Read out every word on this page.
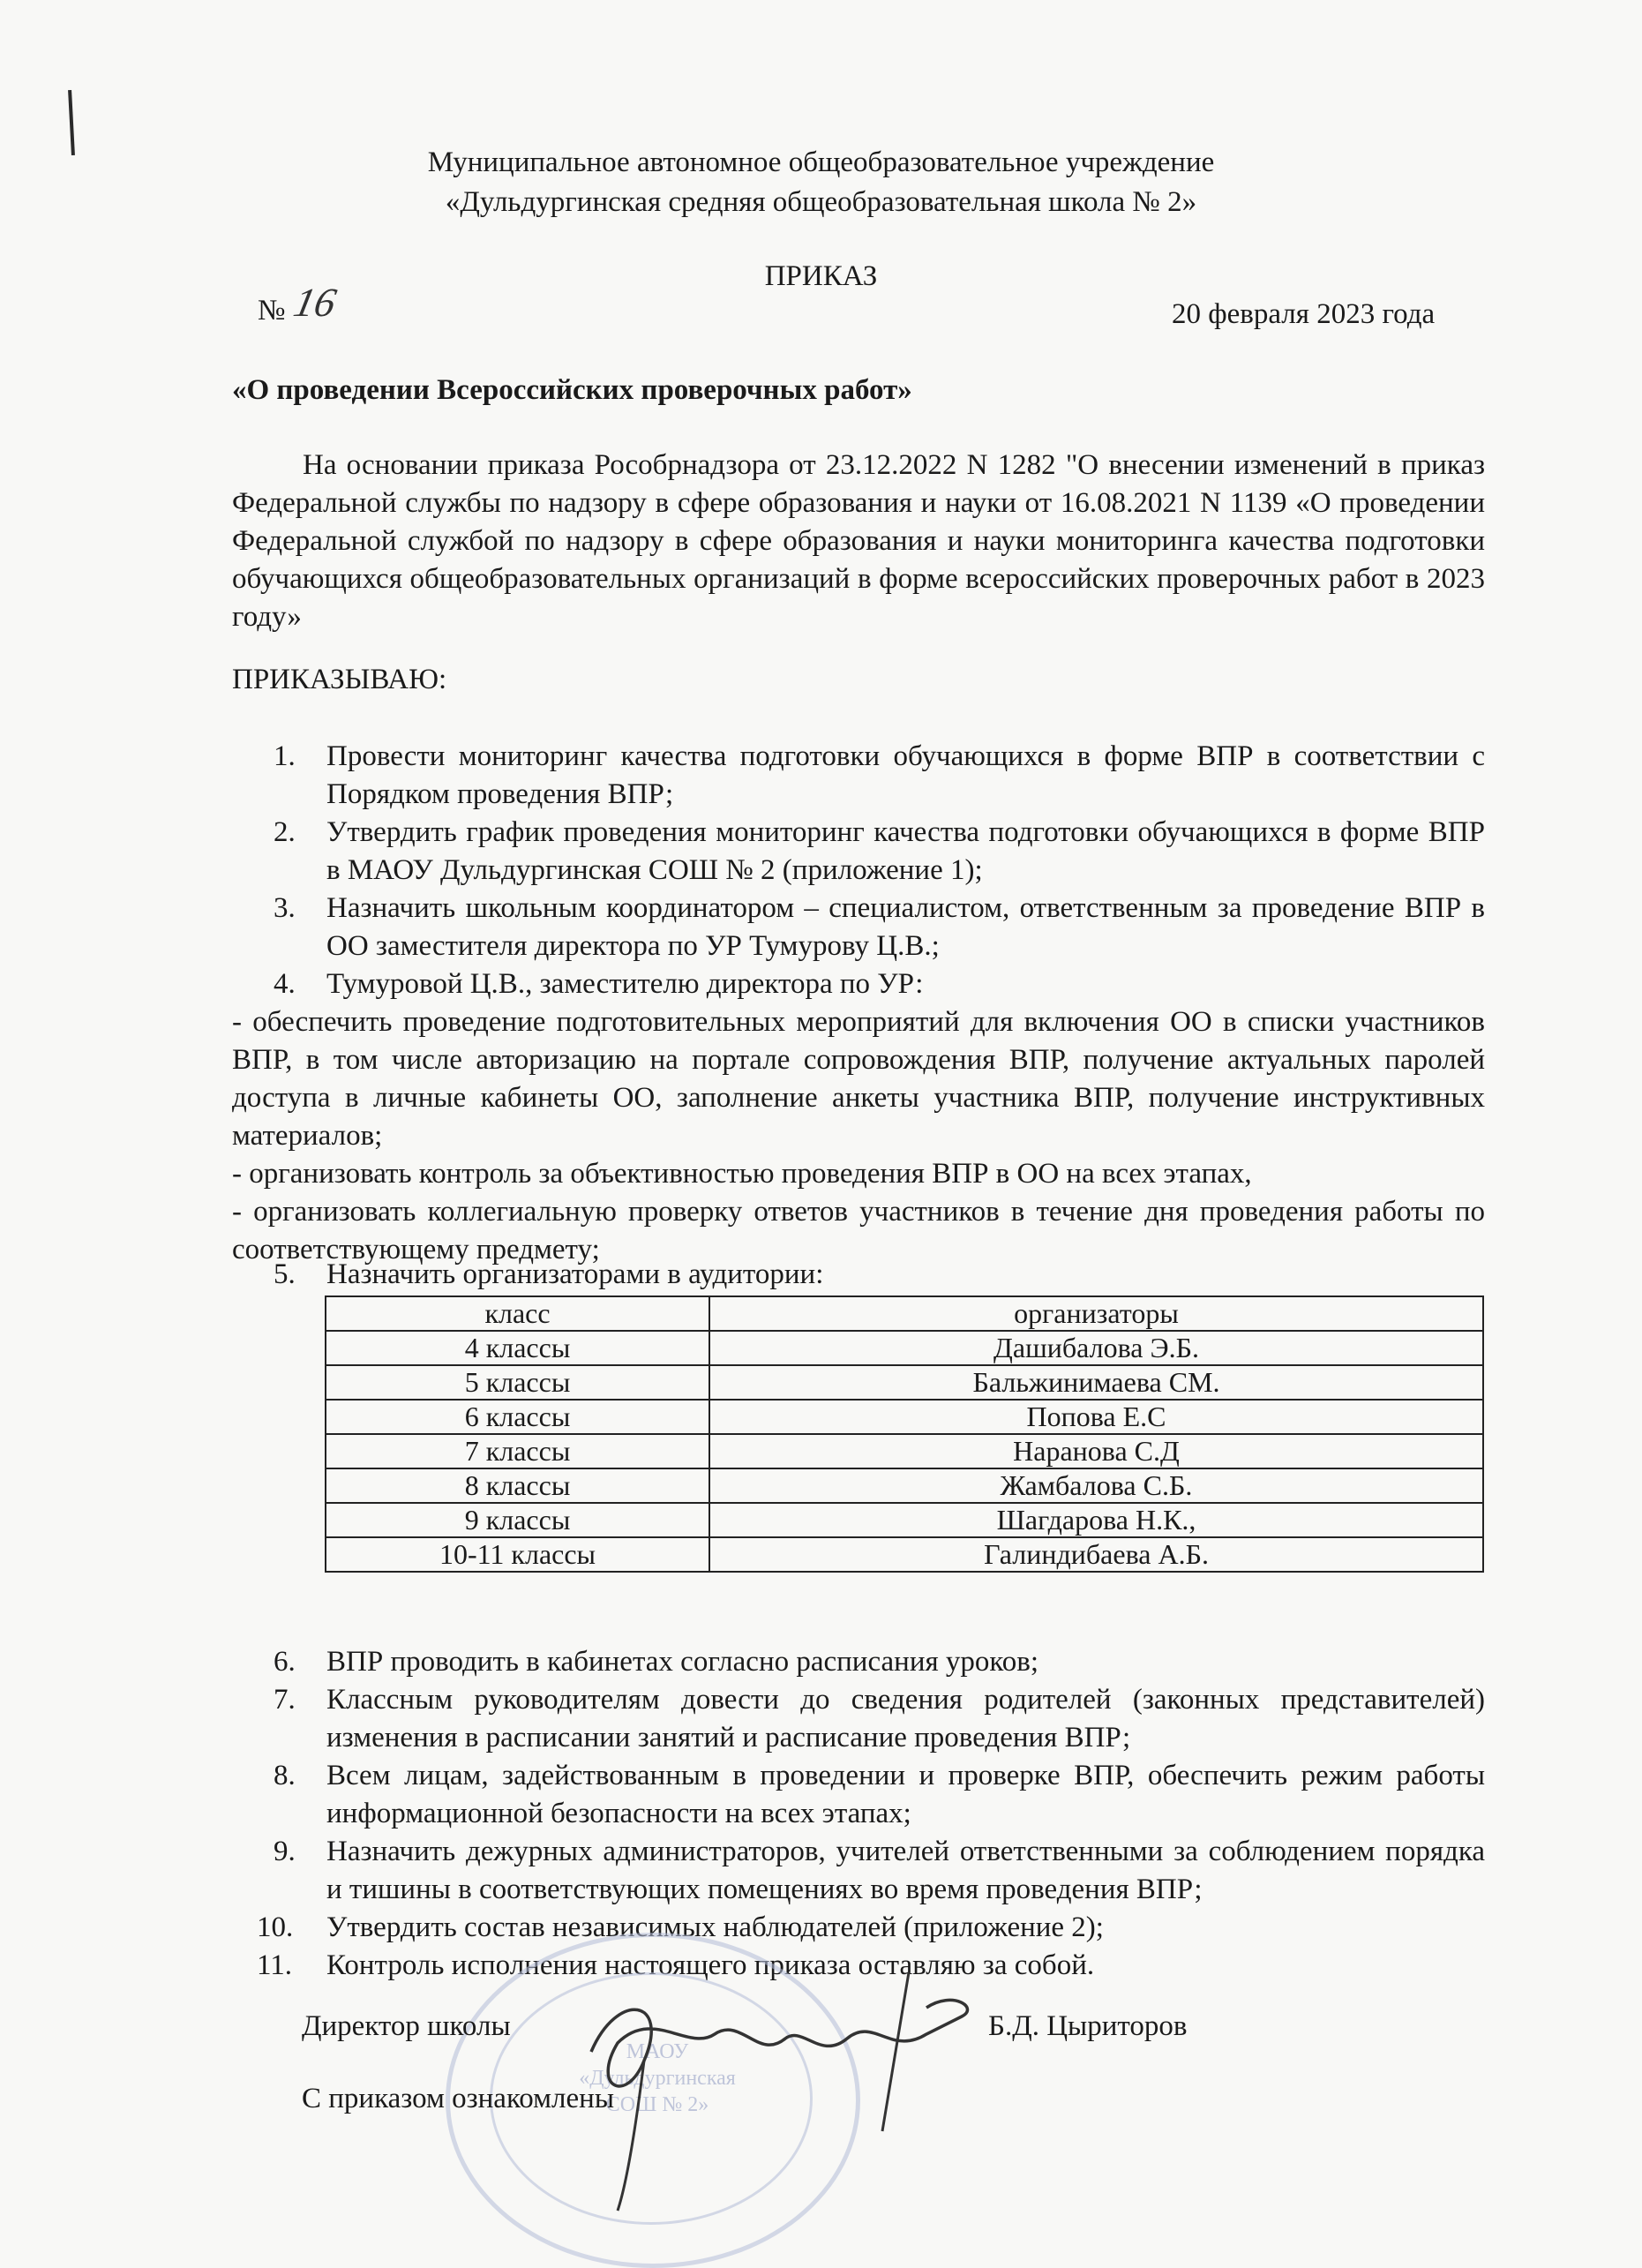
Муниципальное автономное общеобразовательное учреждение
«Дульдургинская средняя общеобразовательная школа № 2»
ПРИКАЗ
№ 16	20 февраля 2023 года
«О проведении Всероссийских проверочных работ»
На основании приказа Рособрнадзора от 23.12.2022 N 1282 "О внесении изменений в приказ Федеральной службы по надзору в сфере образования и науки от 16.08.2021 N 1139 «О проведении Федеральной службой по надзору в сфере образования и науки мониторинга качества подготовки обучающихся общеобразовательных организаций в форме всероссийских проверочных работ в 2023 году»
ПРИКАЗЫВАЮ:
1. Провести мониторинг качества подготовки обучающихся в форме ВПР в соответствии с Порядком проведения ВПР;
2. Утвердить график проведения мониторинг качества подготовки обучающихся в форме ВПР в МАОУ Дульдургинская СОШ № 2 (приложение 1);
3. Назначить школьным координатором – специалистом, ответственным за проведение ВПР в ОО заместителя директора по УР Тумурову Ц.В.;
4. Тумуровой Ц.В., заместителю директора по УР:
- обеспечить проведение подготовительных мероприятий для включения ОО в списки участников ВПР, в том числе авторизацию на портале сопровождения ВПР, получение актуальных паролей доступа в личные кабинеты ОО, заполнение анкеты участника ВПР, получение инструктивных материалов;
- организовать контроль за объективностью проведения ВПР в ОО на всех этапах,
- организовать коллегиальную проверку ответов участников в течение дня проведения работы по соответствующему предмету;
5. Назначить организаторами в аудитории:
класс	организаторы
4 классы	Дашибалова Э.Б.
5 классы	Бальжинимаева СМ.
6 классы	Попова Е.С
7 классы	Наранова С.Д
8 классы	Жамбалова С.Б.
9 классы	Шагдарова Н.К.,
10-11 классы	Галиндибаева А.Б.
6. ВПР проводить в кабинетах согласно расписания уроков;
7. Классным руководителям довести до сведения родителей (законных представителей) изменения в расписании занятий и расписание проведения ВПР;
8. Всем лицам, задействованным в проведении и проверке ВПР, обеспечить режим работы информационной безопасности на всех этапах;
9. Назначить дежурных администраторов, учителей ответственными за соблюдением порядка и тишины в соответствующих помещениях во время проведения ВПР;
10. Утвердить состав независимых наблюдателей (приложение 2);
11. Контроль исполнения настоящего приказа оставляю за собой.
МАОУ «Дульдургинская СОШ № 2»
Директор школы	Б.Д. Цыриторов
С приказом ознакомлены
